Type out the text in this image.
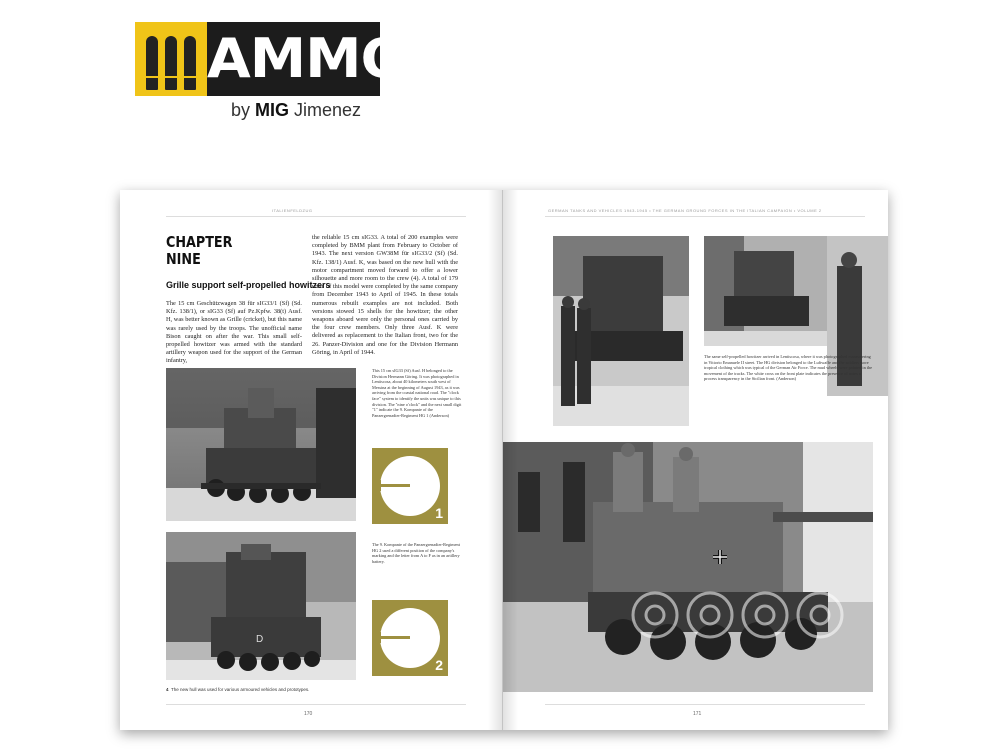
AMMO
by MIG Jimenez
ITALIENFELDZUG
CHAPTER
NINE
Grille support self-propelled howitzers
The 15 cm Geschützwagen 38 für sIG33/1 (Sf) (Sd. Kfz. 138/1), or sIG33 (Sf) auf Pz.Kpfw. 38(t) Ausf. H, was better known as Grille (cricket), but this name was rarely used by the troops. The unofficial name Bison caught on after the war. This small self-propelled howitzer was armed with the standard artillery weapon used for the support of the German infantry,
the reliable 15 cm sIG33. A total of 200 examples were completed by BMM plant from February to October of 1943. The next version GW38M für sIG33/2 (Sf) (Sd. Kfz. 138/1) Ausf. K, was based on the new hull with the motor compartment moved forward to offer a lower silhouette and more room to the crew (4). A total of 179 units of this model were completed by the same company from December 1943 to April of 1945. In these totals numerous rebuilt examples are not included. Both versions stowed 15 shells for the howitzer; the other weapons aboard were only the personal ones carried by the four crew members. Only three Ausf. K were delivered as replacement to the Italian front, two for the 26. Panzer-Division and one for the Division Hermann Göring, in April of 1944.
This 15 cm sIG33 (Sf) Ausf. H belonged to the Division Hermann Göring. It was photographed in Lentiscosa, about 40 kilometers south west of Messina at the beginning of August 1943, as it was arriving from the coastal national road. The "clock face" system to identify the units was unique to this division. The "nine o'clock" and the next small digit "1" indicate the 9. Kompanie of the Panzergrenadier-Regiment HG 1 (Anderson)
1
D
The 9. Kompanie of the Panzergrenadier-Regiment HG 2 used a different position of the company's marking and the letter from A to F as in an artillery battery.
2
4 The new hull was used for various armoured vehicles and prototypes.
170
GERMAN TANKS AND VEHICLES 1943-1945 • THE GERMAN GROUND FORCES IN THE ITALIAN CAMPAIGN • VOLUME 2
The same self-propelled howitzer arrived in Lentiscosa, where it was photographed maneuvering in Vittorio Emanuele II street. The HG division belonged to the Luftwaffe and the soldiers wore tropical clothing which was typical of the German Air Force. The mud wheels were painted in the movement of the tracks. The white cross on the front plate indicates the presence of notes a process transparency in the Sicilian front. (Anderson)
171
